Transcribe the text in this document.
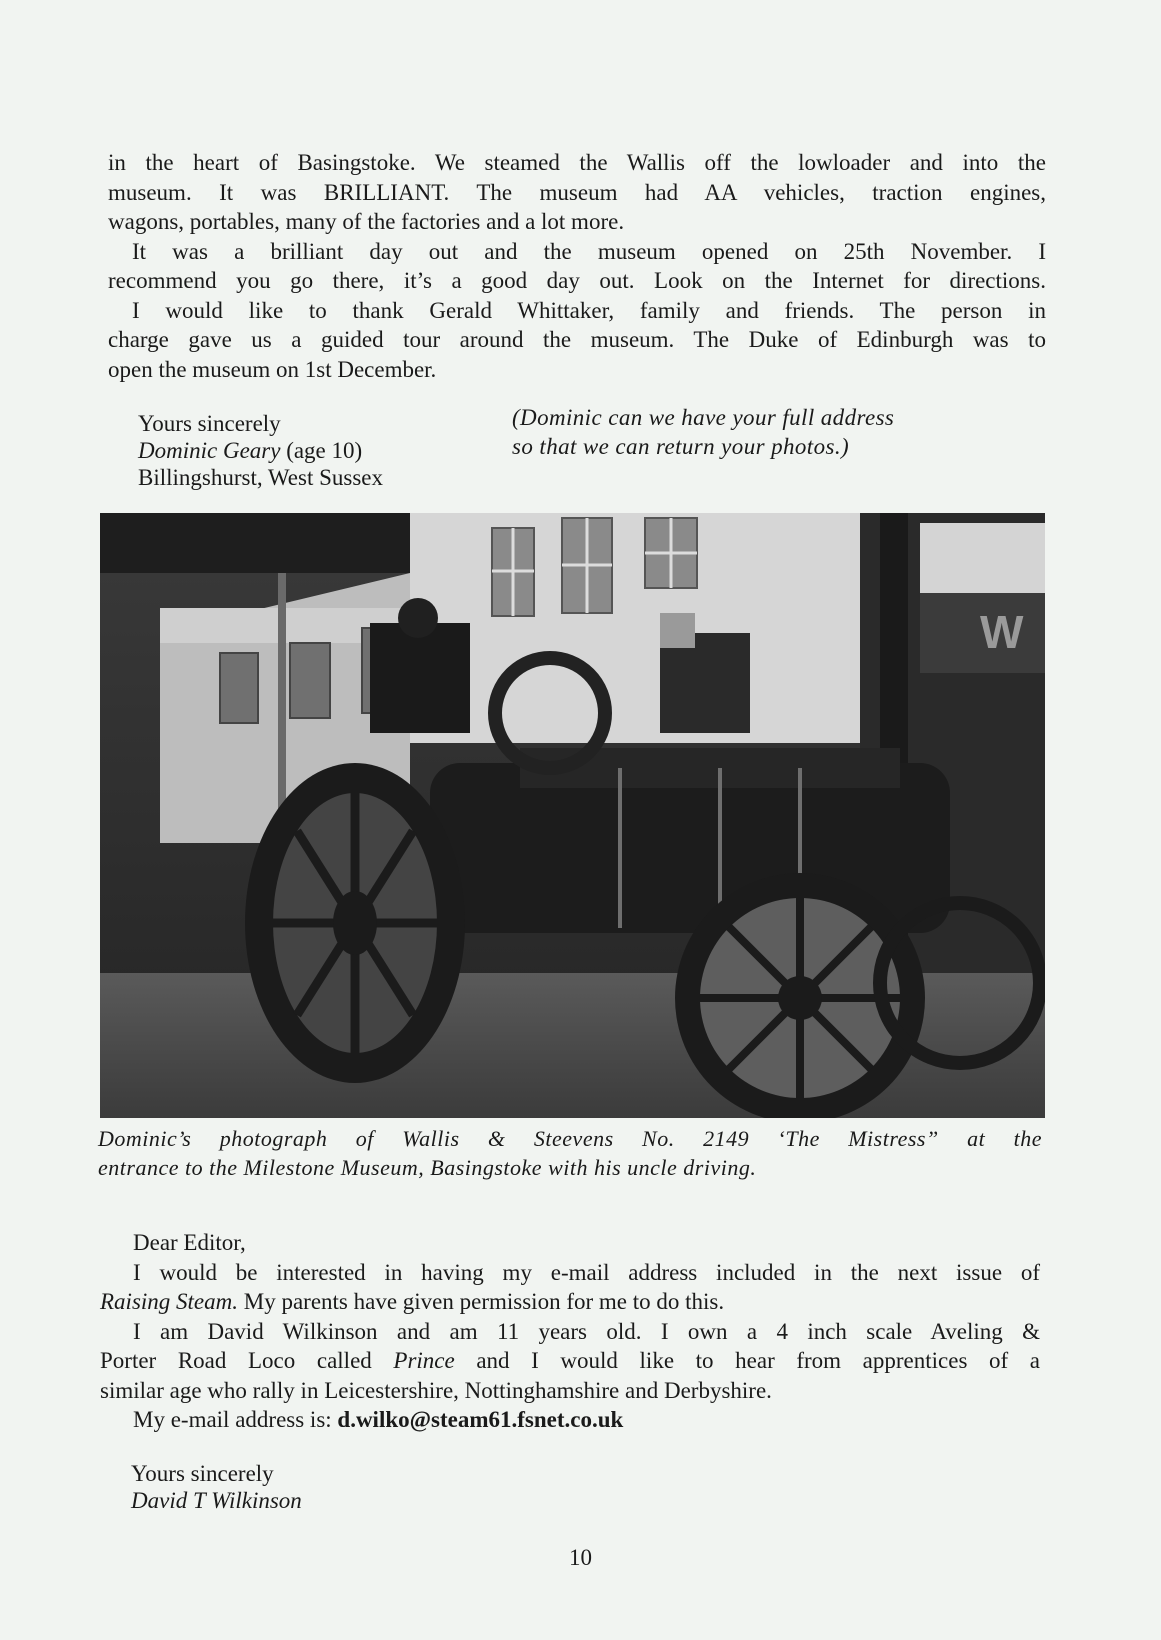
in the heart of Basingstoke. We steamed the Wallis off the lowloader and into the

museum. It was BRILLIANT. The museum had AA vehicles, traction engines,

wagons, portables, many of the factories and a lot more.

It was a brilliant day out and the museum opened on 25th November. I

recommend you go there, it’s a good day out. Look on the Internet for directions.

I would like to thank Gerald Whittaker, family and friends. The person in

charge gave us a guided tour around the museum. The Duke of Edinburgh was to

open the museum on 1st December.

Yours sincerely
Dominic Geary (age 10)
Billingshurst, West Sussex
(Dominic can we have your full address
so that we can return your photos.)
W

Dominic’s photograph of Wallis & Steevens No. 2149 ‘The Mistress” at the

entrance to the Milestone Museum, Basingstoke with his uncle driving.

Dear Editor,

I would be interested in having my e-mail address included in the next issue of

Raising Steam. My parents have given permission for me to do this.

I am David Wilkinson and am 11 years old. I own a 4 inch scale Aveling &

Porter Road Loco called Prince and I would like to hear from apprentices of a

similar age who rally in Leicestershire, Nottinghamshire and Derbyshire.

My e-mail address is: d.wilko@steam61.fsnet.co.uk

Yours sincerely
David T Wilkinson
10
